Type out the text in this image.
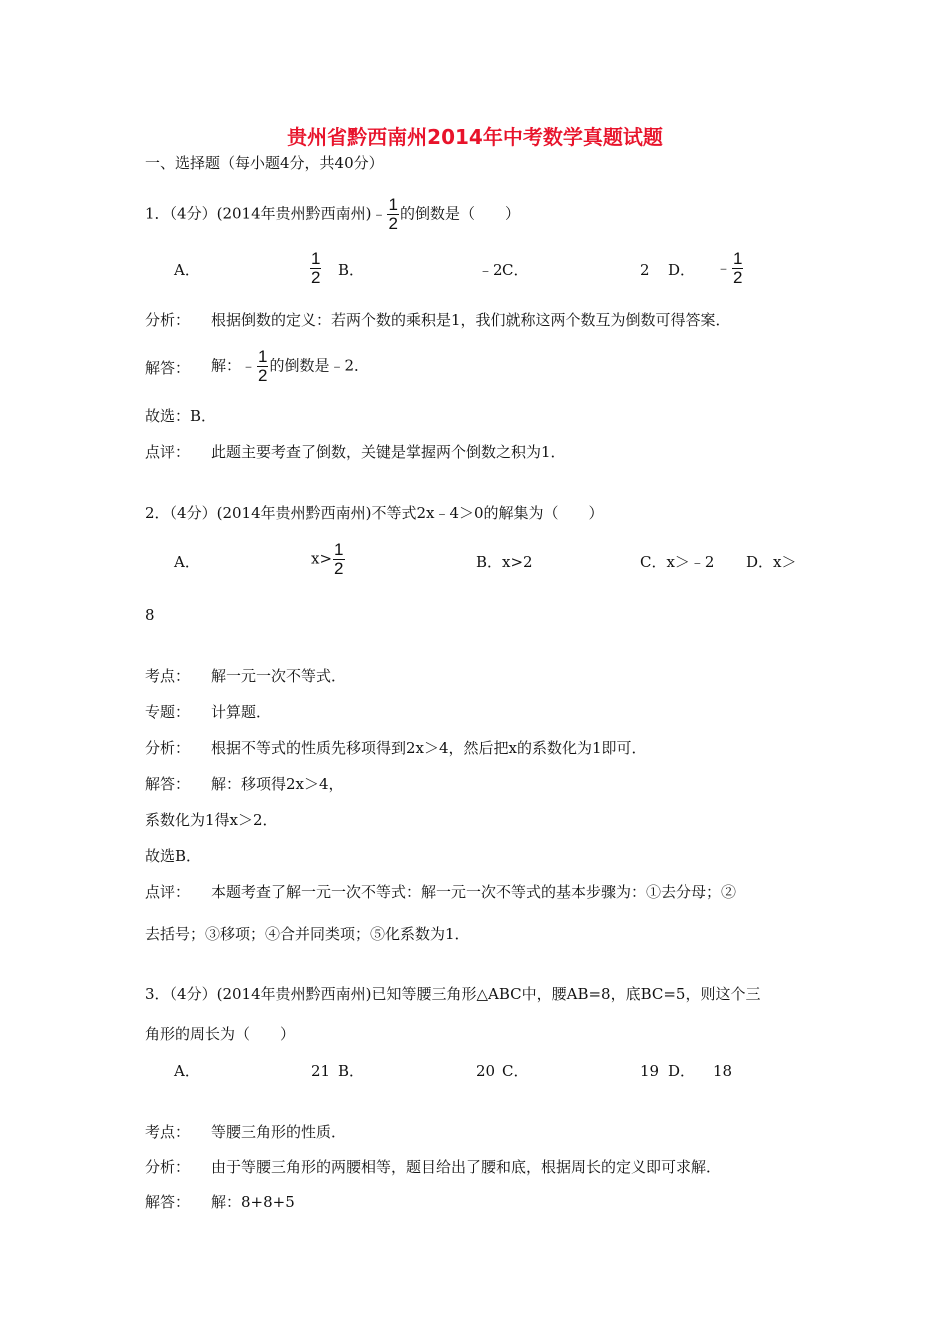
贵州省黔西南州2014年中考数学真题试题
一、选择题（每小题4分，共40分）
1．（4分）(2014年贵州黔西南州)﹣ $\frac{1}{2}$ 的倒数是（　　）
A．	$\frac{1}{2}$ B．	﹣2 C．	2 D． ﹣ $\frac{1}{2}$
分析： 根据倒数的定义：若两个数的乘积是1，我们就称这两个数互为倒数可得答案．
解答： 解：﹣ $\frac{1}{2}$ 的倒数是﹣2．
故选：B．
点评： 此题主要考查了倒数，关键是掌握两个倒数之积为1．
2．（4分）(2014年贵州黔西南州)不等式2x﹣4＞0的解集为（　　）
A．	$x> \frac{1}{2}$	B．x>2	C．x＞﹣2 D．x＞
8
考点： 解一元一次不等式．
专题： 计算题．
分析： 根据不等式的性质先移项得到2x＞4，然后把x的系数化为1即可．
解答： 解：移项得2x＞4，
系数化为1得x＞2．
故选B．
点评： 本题考查了解一元一次不等式：解一元一次不等式的基本步骤为：①去分母；②
去括号；③移项；④合并同类项；⑤化系数为1．
3．（4分）(2014年贵州黔西南州)已知等腰三角形△ABC中，腰AB=8，底BC=5，则这个三
角形的周长为（　　）
A．	21 B．	20 C．	19 D． 18
考点： 等腰三角形的性质．
分析： 由于等腰三角形的两腰相等，题目给出了腰和底，根据周长的定义即可求解．
解答： 解：8+8+5
